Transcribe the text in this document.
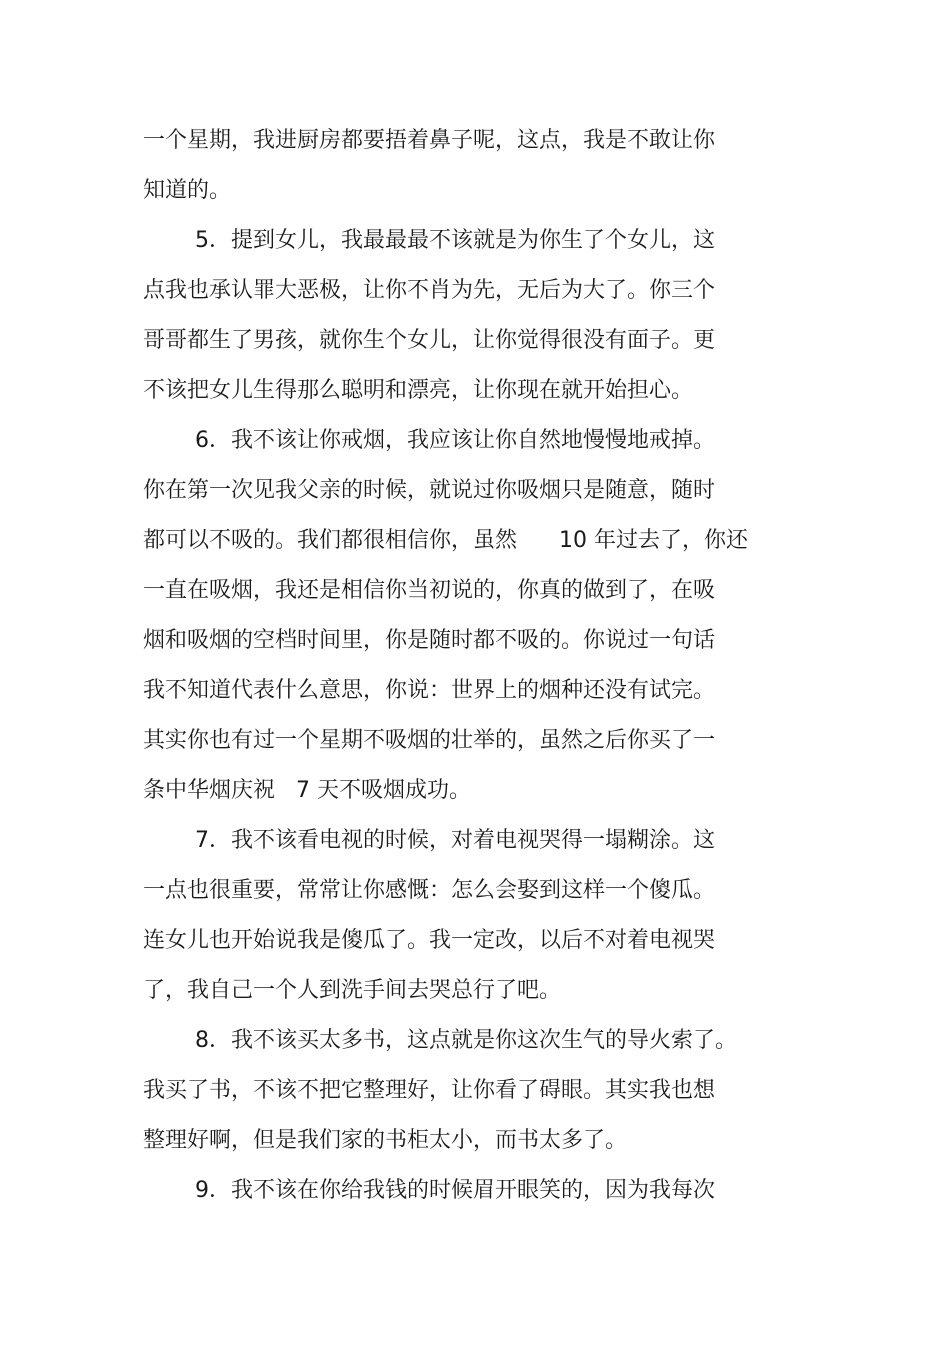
一个星期，我进厨房都要捂着鼻子呢，这点，我是不敢让你
知道的。
5．提到女儿，我最最最不该就是为你生了个女儿，这
点我也承认罪大恶极，让你不肖为先，无后为大了。你三个
哥哥都生了男孩，就你生个女儿，让你觉得很没有面子。更
不该把女儿生得那么聪明和漂亮，让你现在就开始担心。
6．我不该让你戒烟，我应该让你自然地慢慢地戒掉。
你在第一次见我父亲的时候，就说过你吸烟只是随意，随时
都可以不吸的。我们都很相信你，虽然      10 年过去了，你还
一直在吸烟，我还是相信你当初说的，你真的做到了，在吸
烟和吸烟的空档时间里，你是随时都不吸的。你说过一句话
我不知道代表什么意思，你说：世界上的烟种还没有试完。
其实你也有过一个星期不吸烟的壮举的，虽然之后你买了一
条中华烟庆祝   7 天不吸烟成功。
7．我不该看电视的时候，对着电视哭得一塌糊涂。这
一点也很重要，常常让你感慨：怎么会娶到这样一个傻瓜。
连女儿也开始说我是傻瓜了。我一定改，以后不对着电视哭
了，我自己一个人到洗手间去哭总行了吧。
8．我不该买太多书，这点就是你这次生气的导火索了。
我买了书，不该不把它整理好，让你看了碍眼。其实我也想
整理好啊，但是我们家的书柜太小，而书太多了。
9．我不该在你给我钱的时候眉开眼笑的，因为我每次
